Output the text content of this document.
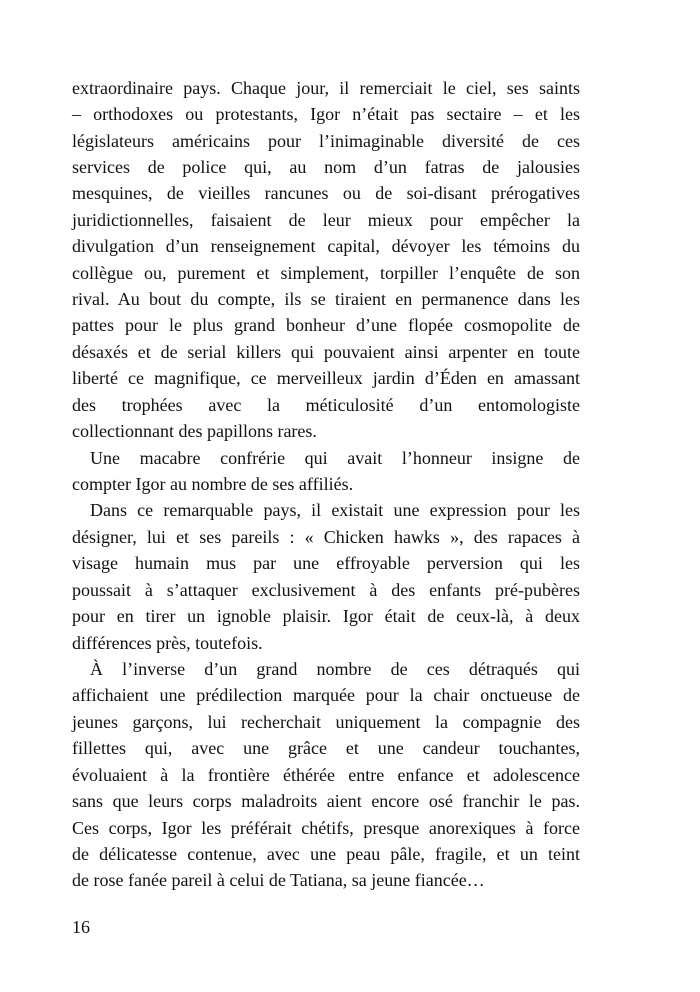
extraordinaire pays. Chaque jour, il remerciait le ciel, ses saints
– orthodoxes ou protestants, Igor n’était pas sectaire – et les
législateurs américains pour l’inimaginable diversité de ces
services de police qui, au nom d’un fatras de jalousies
mesquines, de vieilles rancunes ou de soi-disant prérogatives
juridictionnelles, faisaient de leur mieux pour empêcher la
divulgation d’un renseignement capital, dévoyer les témoins du
collègue ou, purement et simplement, torpiller l’enquête de son
rival. Au bout du compte, ils se tiraient en permanence dans les
pattes pour le plus grand bonheur d’une flopée cosmopolite de
désaxés et de serial killers qui pouvaient ainsi arpenter en toute
liberté ce magnifique, ce merveilleux jardin d’Éden en amassant
des trophées avec la méticulosité d’un entomologiste
collectionnant des papillons rares.
Une macabre confrérie qui avait l’honneur insigne de
compter Igor au nombre de ses affiliés.
Dans ce remarquable pays, il existait une expression pour les
désigner, lui et ses pareils : « Chicken hawks », des rapaces à
visage humain mus par une effroyable perversion qui les
poussait à s’attaquer exclusivement à des enfants pré-pubères
pour en tirer un ignoble plaisir. Igor était de ceux-là, à deux
différences près, toutefois.
À l’inverse d’un grand nombre de ces détraqués qui
affichaient une prédilection marquée pour la chair onctueuse de
jeunes garçons, lui recherchait uniquement la compagnie des
fillettes qui, avec une grâce et une candeur touchantes,
évoluaient à la frontière éthérée entre enfance et adolescence
sans que leurs corps maladroits aient encore osé franchir le pas.
Ces corps, Igor les préférait chétifs, presque anorexiques à force
de délicatesse contenue, avec une peau pâle, fragile, et un teint
de rose fanée pareil à celui de Tatiana, sa jeune fiancée…
16
